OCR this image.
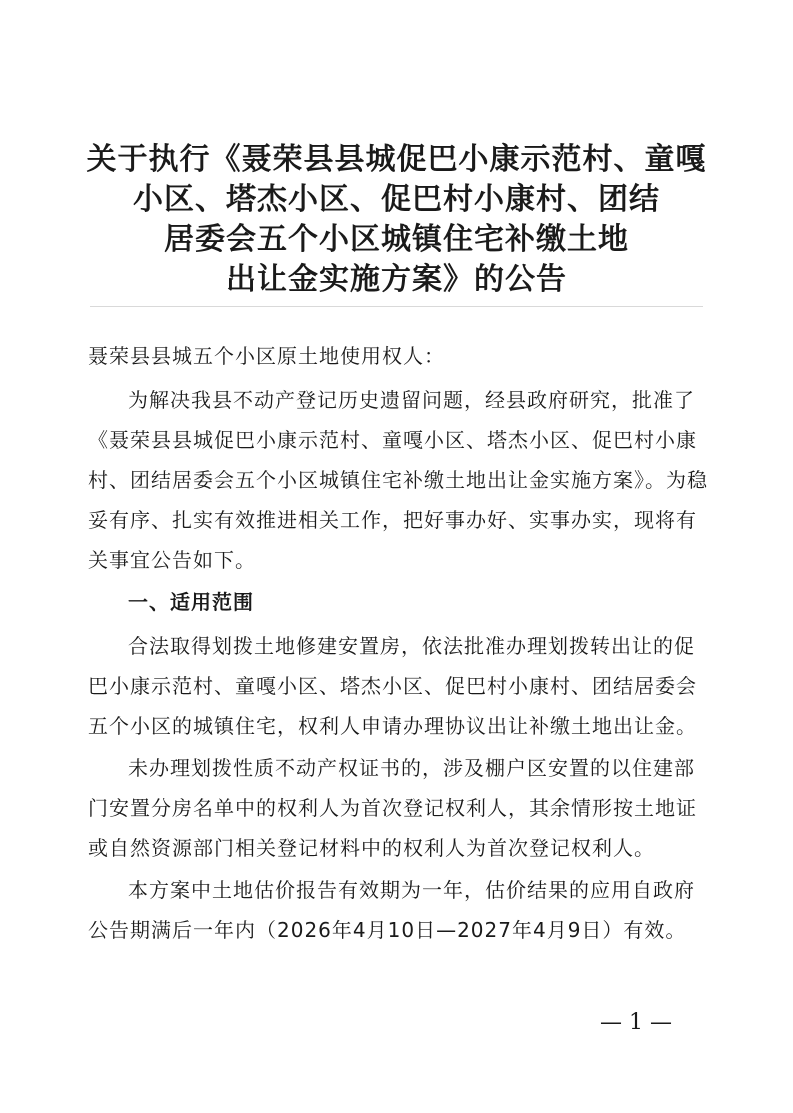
关于执行《聂荣县县城促巴小康示范村、童嘎
小区、塔杰小区、促巴村小康村、团结
居委会五个小区城镇住宅补缴土地
出让金实施方案》的公告

聂荣县县城五个小区原土地使用权人：

为解决我县不动产登记历史遗留问题，经县政府研究，批准了《聂荣县县城促巴小康示范村、童嘎小区、塔杰小区、促巴村小康村、团结居委会五个小区城镇住宅补缴土地出让金实施方案》。为稳妥有序、扎实有效推进相关工作，把好事办好、实事办实，现将有关事宜公告如下。

一、适用范围

合法取得划拨土地修建安置房，依法批准办理划拨转出让的促巴小康示范村、童嘎小区、塔杰小区、促巴村小康村、团结居委会五个小区的城镇住宅，权利人申请办理协议出让补缴土地出让金。

未办理划拨性质不动产权证书的，涉及棚户区安置的以住建部门安置分房名单中的权利人为首次登记权利人，其余情形按土地证或自然资源部门相关登记材料中的权利人为首次登记权利人。

本方案中土地估价报告有效期为一年，估价结果的应用自政府公告期满后一年内（2026年4月10日—2027年4月9日）有效。

— 1 —
